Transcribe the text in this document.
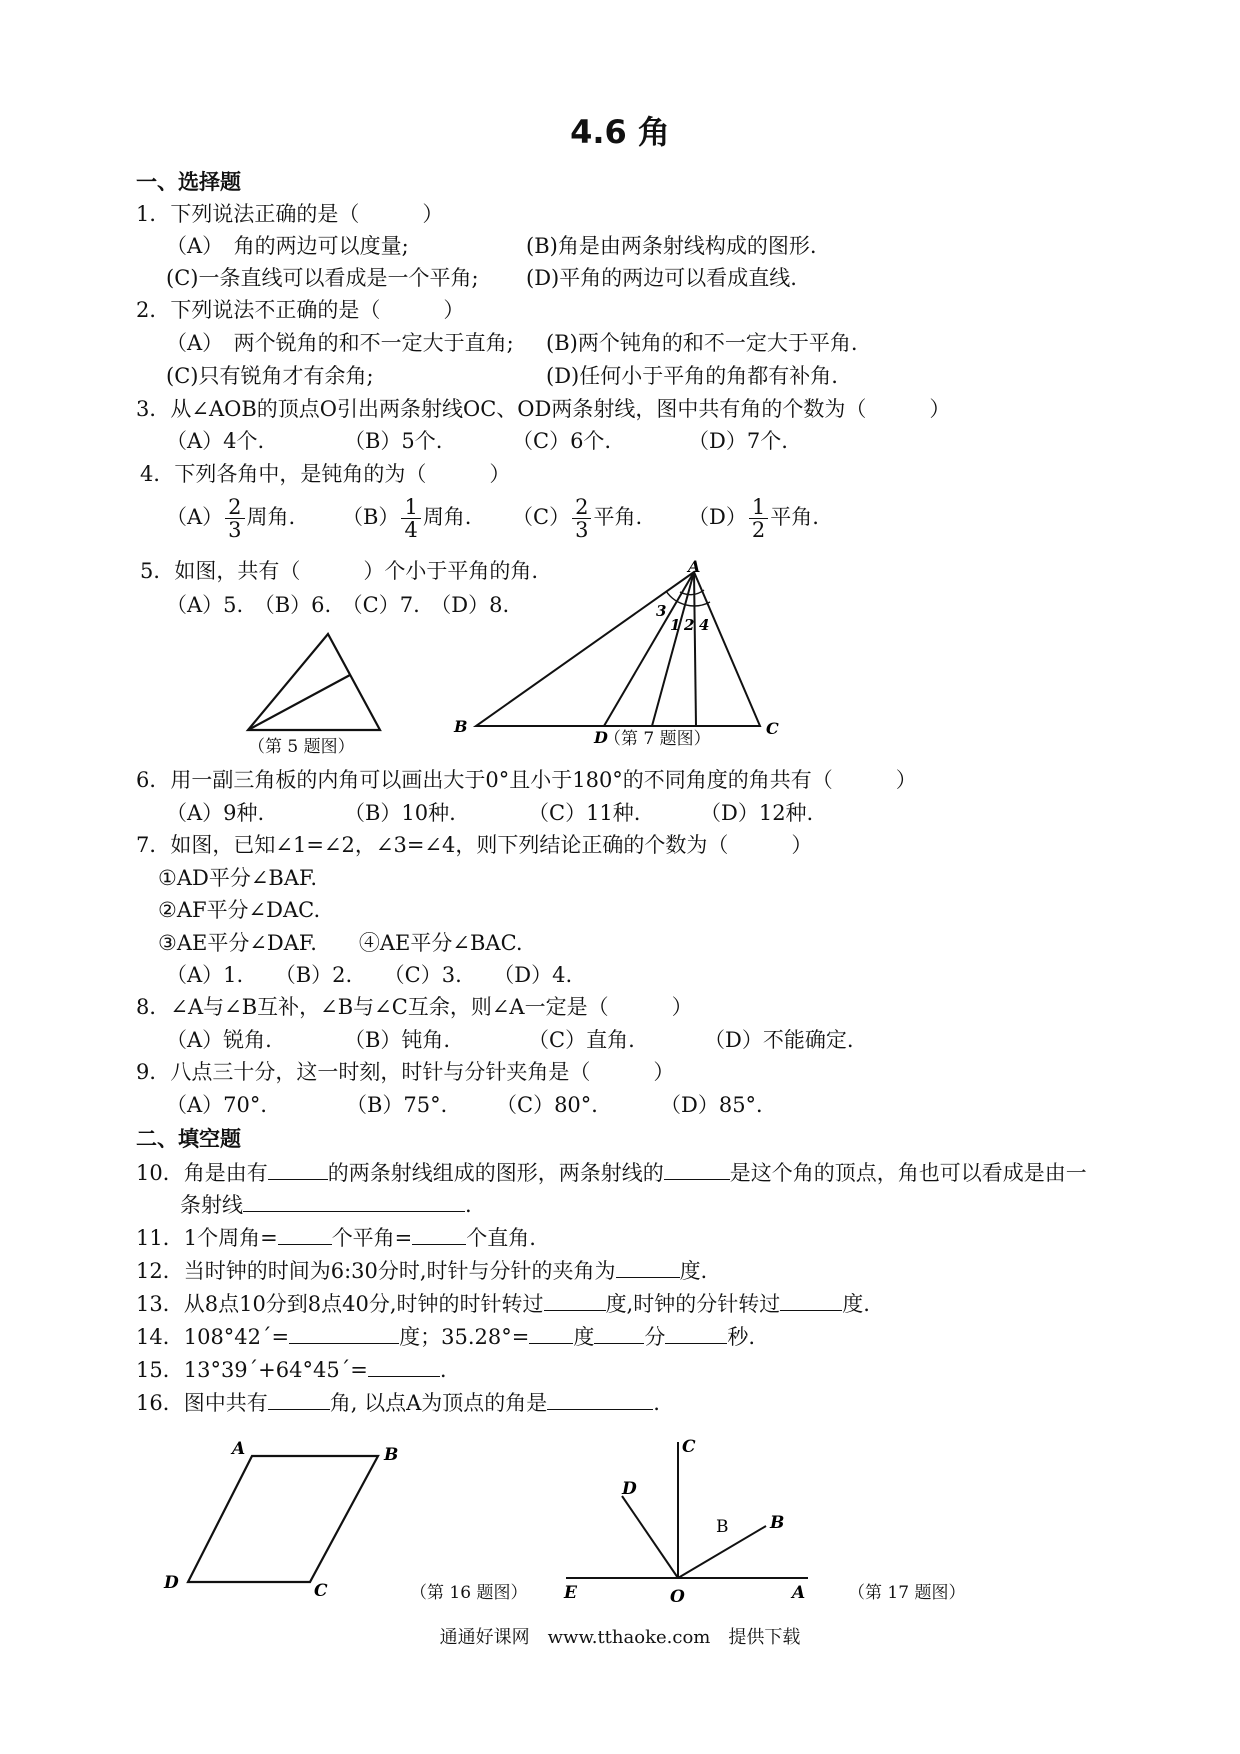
4.6 角
一、选择题
1．下列说法正确的是（　　　）
（A）　角的两边可以度量;	(B)角是由两条射线构成的图形.
(C)一条直线可以看成是一个平角; (D)平角的两边可以看成直线.
2．下列说法不正确的是（　　　）
（A）　两个锐角的和不一定大于直角; (B)两个钝角的和不一定大于平角.
(C)只有锐角才有余角;	(D)任何小于平角的角都有补角.
3．从∠AOB的顶点O引出两条射线OC、OD两条射线，图中共有角的个数为（　　　）
（A）4个.	（B）5个.	（C）6个.	（D）7个.
4．下列各角中，是钝角的为（　　　）
$(A) \frac{2}{3}$ 周角. $(B) \frac{1}{4}$ 周角. $(C) \frac{2}{3}$ 平角. $(D) \frac{1}{2}$ 平角.
5．如图，共有（　　　）个小于平角的角.
（A）5.　（B）6.　（C）7.　（D）8.
（第 5 题图）
A
B	C
D
3
1 2 4
（第 7 题图）
6．用一副三角板的内角可以画出大于0°且小于180°的不同角度的角共有（　　　）
（A）9种.	（B）10种.	（C）11种.	（D）12种.
7．如图，已知∠1=∠2，∠3=∠4，则下列结论正确的个数为（　　　）
①AD平分∠BAF.
②AF平分∠DAC.
③AE平分∠DAF.　　④AE平分∠BAC.
（A）1.　　（B）2.　　（C）3.　　（D）4.
8．∠A与∠B互补，∠B与∠C互余，则∠A一定是（　　　）
（A）锐角.	（B）钝角.	（C）直角.	（D）不能确定.
9．八点三十分，这一时刻，时针与分针夹角是（　　　）
（A）70°．	（B）75°． （C）80°． （D）85°．
二、填空题
10．角是由有	的两条射线组成的图形，两条射线的	是这个角的顶点，角也可以看成是由一
条射线	.
11．1个周角=	个平角=	个直角.
12．当时钟的时间为6:30分时,时针与分针的夹角为	度.
13．从8点10分到8点40分,时钟的时针转过	度,时钟的分针转过	度.
14．108°42´=	度；35.28°= 度 分	秒.
15．13°39´+64°45´=	.
16．图中共有	角, 以点A为顶点的角是	.
A	B
C
D	（第 16 题图）
C
D
B
B
E	O	A	（第 17 题图）
通通好课网　www.tthaoke.com　提供下载
